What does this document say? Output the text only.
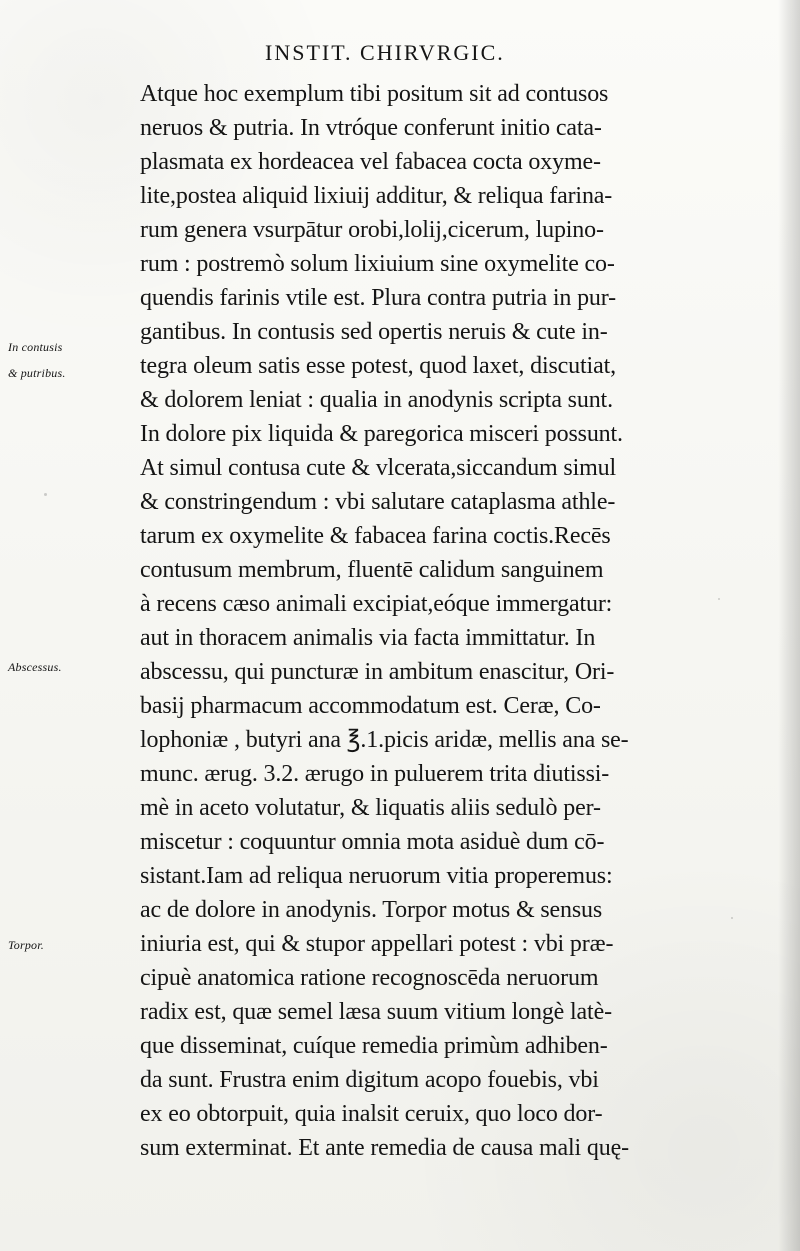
INSTIT. CHIRVRGIC.
In contusis
& putribus.
Abscessus.
Torpor.
Atque hoc exemplum tibi positum sit ad contusos
neruos & putria. In vtróque conferunt initio cata-
plasmata ex hordeacea vel fabacea cocta oxyme-
lite,postea aliquid lixiuij additur, & reliqua farina-
rum genera vsurpātur orobi,lolij,cicerum, lupino-
rum : postremò solum lixiuium sine oxymelite co-
quendis farinis vtile est. Plura contra putria in pur-
gantibus. In contusis sed opertis neruis & cute in-
tegra oleum satis esse potest, quod laxet, discutiat,
& dolorem leniat : qualia in anodynis scripta sunt.
In dolore pix liquida & paregorica misceri possunt.
At simul contusa cute & vlcerata,siccandum simul
& constringendum : vbi salutare cataplasma athle-
tarum ex oxymelite & fabacea farina coctis.Recēs
contusum membrum, fluentē calidum sanguinem
à recens cæso animali excipiat,eóque immergatur:
aut in thoracem animalis via facta immittatur. In
abscessu, qui puncturæ in ambitum enascitur, Ori-
basij pharmacum accommodatum est. Ceræ, Co-
lophoniæ , butyri ana ℥.1.picis aridæ, mellis ana se-
munc. ærug. 3.2. ærugo in puluerem trita diutissi-
mè in aceto volutatur, & liquatis aliis sedulò per-
miscetur : coquuntur omnia mota asiduè dum cō-
sistant.Iam ad reliqua neruorum vitia properemus:
ac de dolore in anodynis. Torpor motus & sensus
iniuria est, qui & stupor appellari potest : vbi præ-
cipuè anatomica ratione recognoscēda neruorum
radix est, quæ semel læsa suum vitium longè latè-
que disseminat, cuíque remedia primùm adhiben-
da sunt. Frustra enim digitum acopo fouebis, vbi
ex eo obtorpuit, quia inalsit ceruix, quo loco dor-
sum exterminat. Et ante remedia de causa mali quę-
